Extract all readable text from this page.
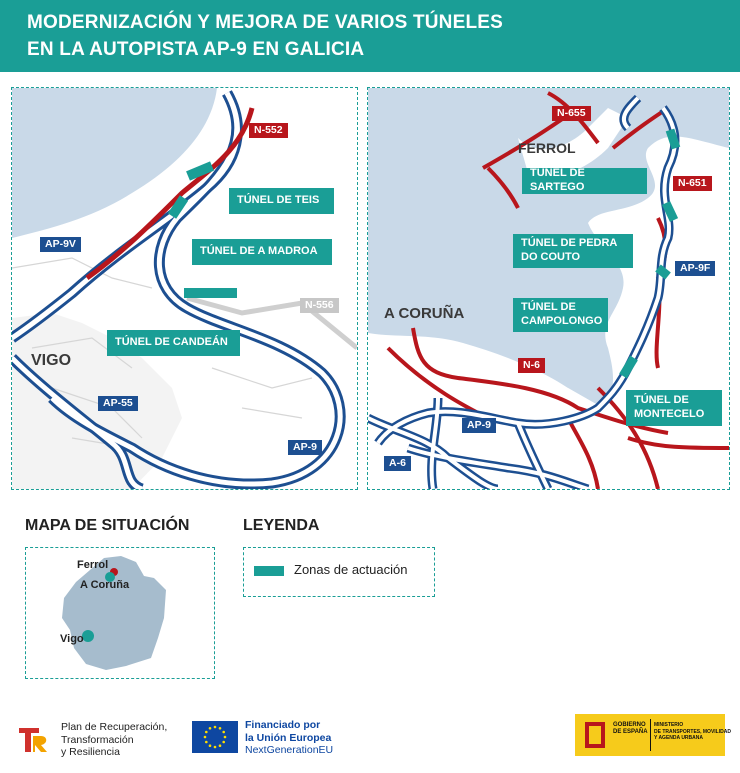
MODERNIZACIÓN Y MEJORA DE VARIOS TÚNELES
EN LA AUTOPISTA AP-9 EN GALICIA
N-552
AP-9V
N-556
AP-55
AP-9
TÚNEL DE TEIS
TÚNEL DE A MADROA
TÚNEL DE CANDEÁN
VIGO
N-655
N-651
AP-9F
N-6
AP-9
A-6
TÚNEL DE SARTEGO
TÚNEL DE PEDRA DO COUTO
TÚNEL DE CAMPOLONGO
TÚNEL DE MONTECELO
FERROL
A CORUÑA
MAPA DE SITUACIÓN
Ferrol
A Coruña
Vigo
LEYENDA
Zonas de actuación
Plan de Recuperación,
Transformación
y Resiliencia
Financiado por
la Unión Europea
NextGenerationEU
GOBIERNO
DE ESPAÑA
MINISTERIO
DE TRANSPORTES, MOVILIDAD
Y AGENDA URBANA
